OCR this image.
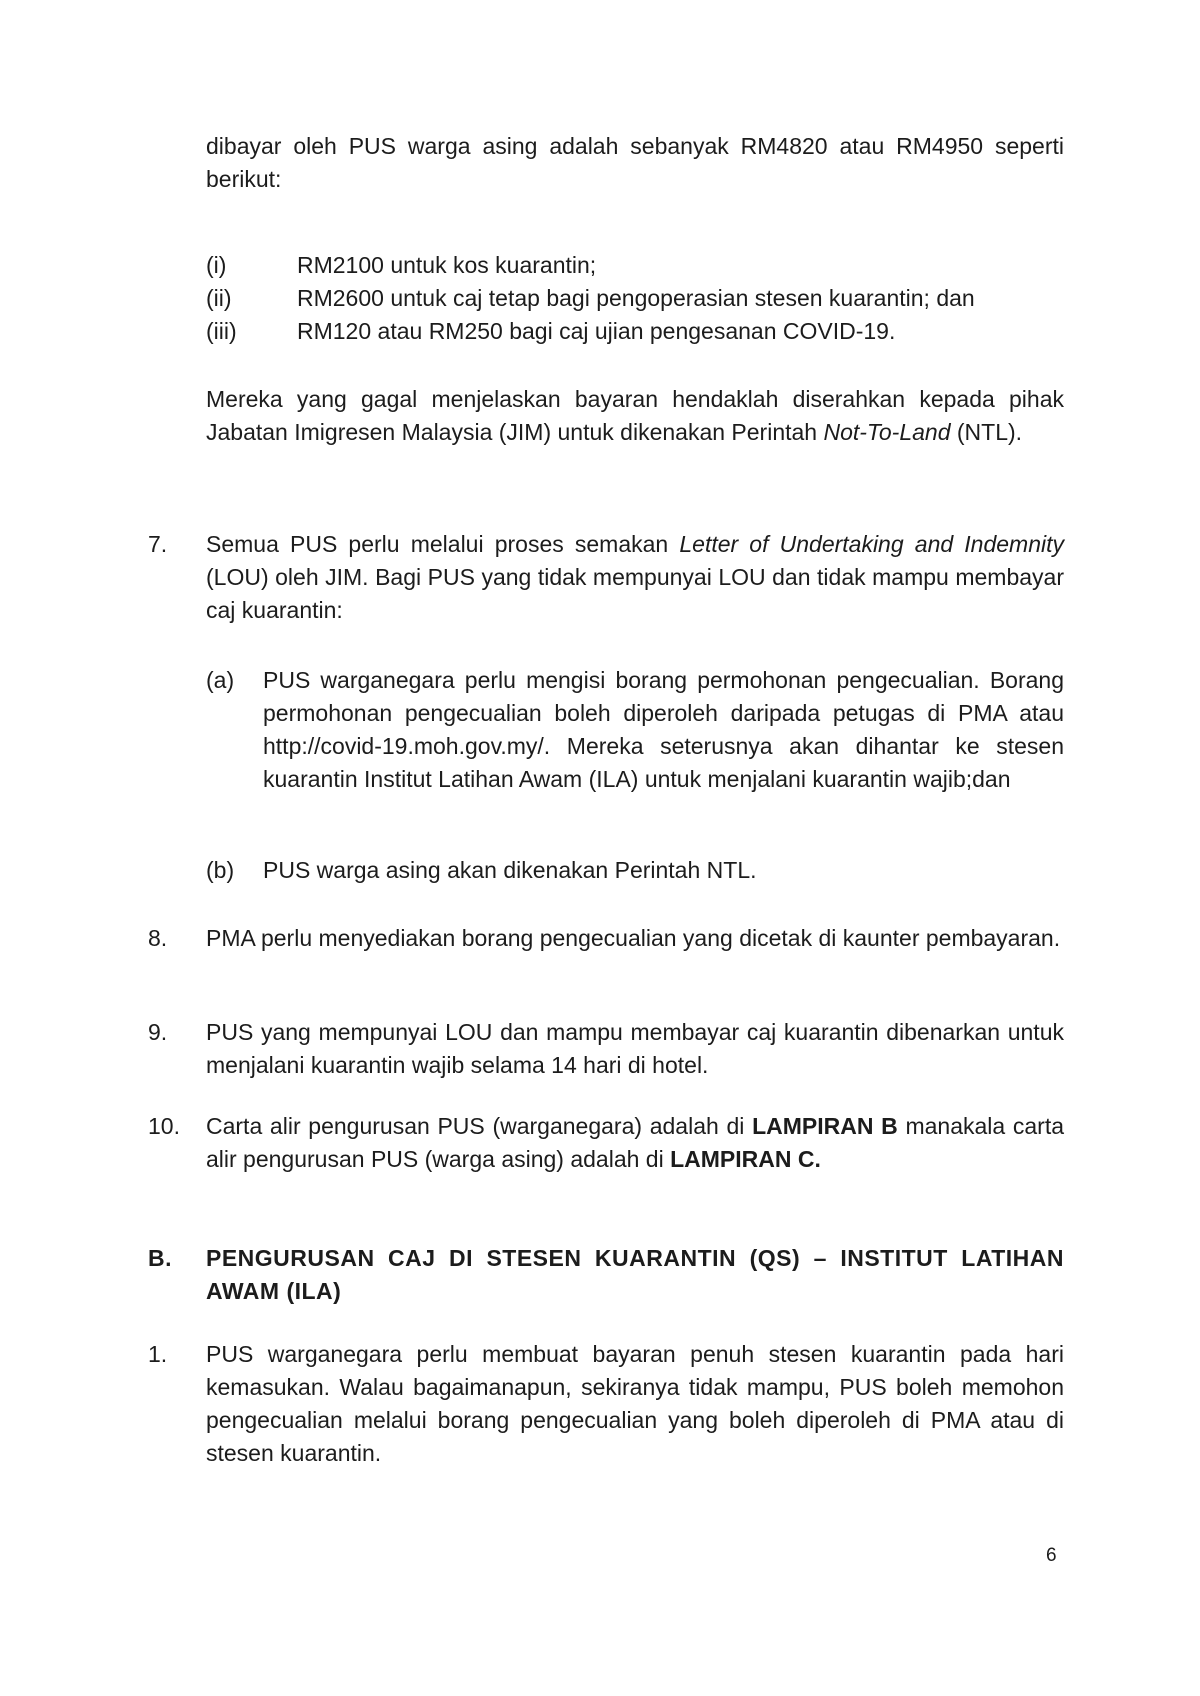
dibayar oleh PUS warga asing adalah sebanyak RM4820 atau RM4950 seperti berikut:

(i)	RM2100 untuk kos kuarantin;
(ii)	RM2600 untuk caj tetap bagi pengoperasian stesen kuarantin; dan
(iii)	RM120 atau RM250 bagi caj ujian pengesanan COVID-19.

Mereka yang gagal menjelaskan bayaran hendaklah diserahkan kepada pihak Jabatan Imigresen Malaysia (JIM) untuk dikenakan Perintah Not-To-Land (NTL).

7. Semua PUS perlu melalui proses semakan Letter of Undertaking and Indemnity (LOU) oleh JIM. Bagi PUS yang tidak mempunyai LOU dan tidak mampu membayar caj kuarantin:

(a) PUS warganegara perlu mengisi borang permohonan pengecualian. Borang permohonan pengecualian boleh diperoleh daripada petugas di PMA atau http://covid-19.moh.gov.my/. Mereka seterusnya akan dihantar ke stesen kuarantin Institut Latihan Awam (ILA) untuk menjalani kuarantin wajib;dan

(b) PUS warga asing akan dikenakan Perintah NTL.

8. PMA perlu menyediakan borang pengecualian yang dicetak di kaunter pembayaran.

9. PUS yang mempunyai LOU dan mampu membayar caj kuarantin dibenarkan untuk menjalani kuarantin wajib selama 14 hari di hotel.

10. Carta alir pengurusan PUS (warganegara) adalah di LAMPIRAN B manakala carta alir pengurusan PUS (warga asing) adalah di LAMPIRAN C.

B. PENGURUSAN CAJ DI STESEN KUARANTIN (QS) – INSTITUT LATIHAN AWAM (ILA)

1. PUS warganegara perlu membuat bayaran penuh stesen kuarantin pada hari kemasukan. Walau bagaimanapun, sekiranya tidak mampu, PUS boleh memohon pengecualian melalui borang pengecualian yang boleh diperoleh di PMA atau di stesen kuarantin.

6
